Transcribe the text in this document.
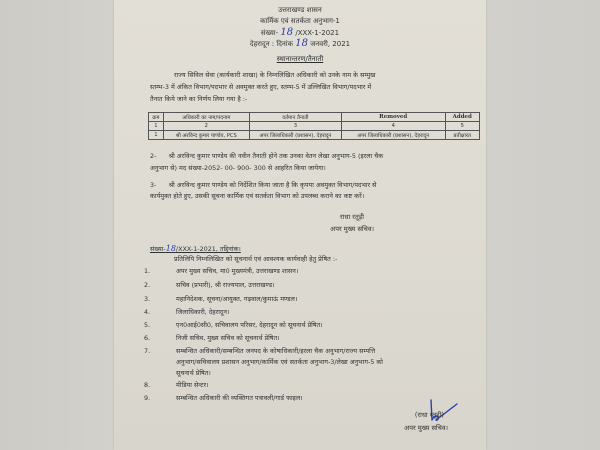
उत्तराखण्ड शासन
कार्मिक एवं सतर्कता अनुभाग-1
संख्या- 18 /XXX-1-2021
देहरादून : दिनांक 18 जनवरी, 2021
स्थानान्तरण/तैनाती
राज्य सिविल सेवा (कार्यकारी शाखा) के निम्नलिखित अधिकारी को उनके नाम के सम्मुख
स्तम्भ-3 में अंकित विभाग/पदभार से अवमुक्त करते हुए, स्तम्भ-5 में उल्लिखित विभाग/पदभार में
तैनात किये जाने का निर्णय लिया गया है :-
क्रम	अधिकारी का नाम/पदनाम	वर्तमान तैनाती	Removed	Added
1	2	3	4	5
1	श्री अरविन्द कुमार पाण्डेय, PCS	अपर जिलाधिकारी (प्रशासन), देहरादून	अपर जिलाधिकारी (प्रशासन), देहरादून	प्रतीक्षारत
2- श्री अरविन्द कुमार पाण्डेय की नवीन तैनाती होने तक उनका वेतन लेखा अनुभाग-5 (इरला चैक
अनुभाग से) मद संख्या-2052- 00- 900- 300 से आहरित किया जायेगा।
3- श्री अरविन्द कुमार पाण्डेय को निर्देशित किया जाता है कि कृपया अवमुक्त विभाग/पदभार से
कार्यमुक्त होते हुए, उसकी सूचना कार्मिक एवं सतर्कता विभाग को उपलब्ध कराने का कष्ट करें।
राधा रतूड़ी
अपर मुख्य सचिव।
संख्या-18/XXX-1-2021, तद्दिनांक।
प्रतिलिपि निम्नलिखित को सूचनार्थ एवं आवश्यक कार्यवाही हेतु प्रेषित :-
1.	अपर मुख्य सचिव, मा0 मुख्यमंत्री, उत्तराखण्ड शासन।
2.	सचिव (प्रभारी), श्री राज्यपाल, उत्तराखण्ड।
3.	महानिदेशक, सूचना/आयुक्त, गढ़वाल/कुमाऊं मण्डल।
4.	जिलाधिकारी, देहरादून।
5.	एन0आई0सी0, सचिवालय परिसर, देहरादून को सूचनार्थ प्रेषित।
6.	निजी सचिव, मुख्य सचिव को सूचनार्थ प्रेषित।
7.	सम्बन्धित अधिकारी/सम्बन्धित जनपद के कोषाधिकारी/इरला चैक अनुभाग/राज्य सम्पत्ति
अनुभाग/सचिवालय प्रशासन अनुभाग/कार्मिक एवं सतर्कता अनुभाग-3/लेखा अनुभाग-5 को
सूचनार्थ प्रेषित।
8.	मीडिया सेन्टर।
9.	सम्बन्धित अधिकारी की व्यक्तिगत पत्रावली/गार्ड फाइल।
(राधा रतूड़ी)
अपर मुख्य सचिव।
